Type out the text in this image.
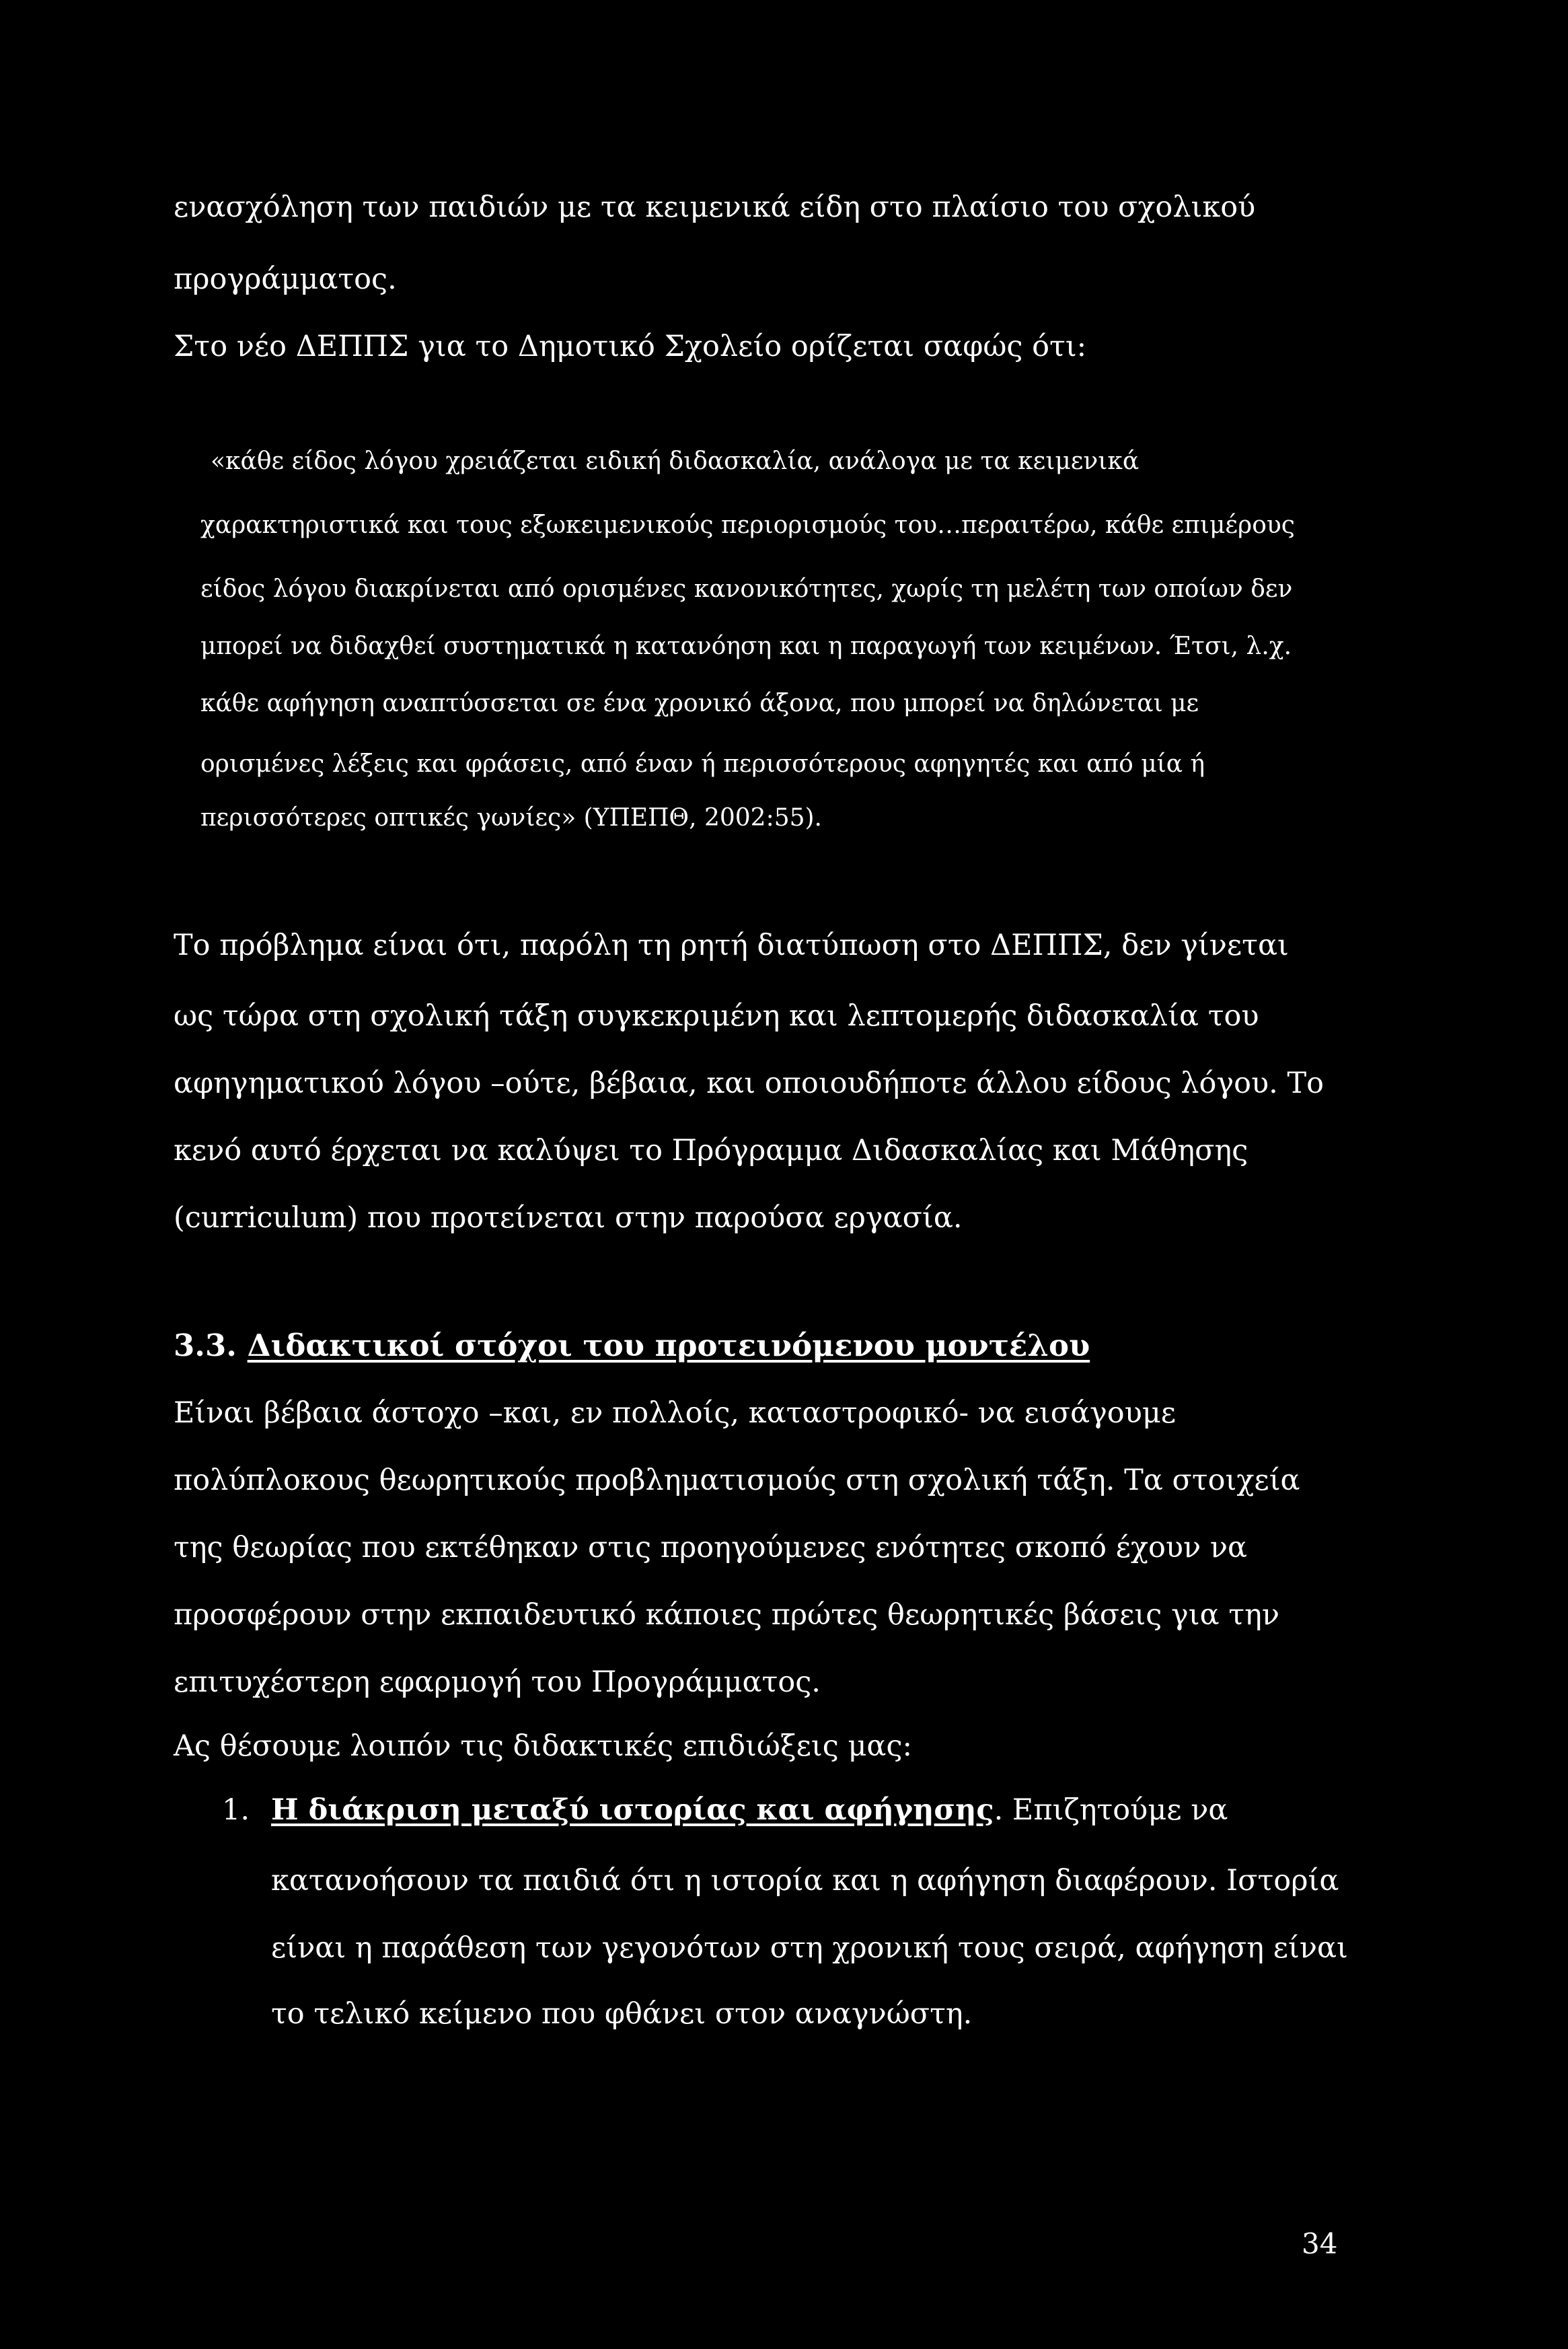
ενασχόληση των παιδιών με τα κειμενικά είδη στο πλαίσιο του σχολικού
προγράμματος.
Στο νέο ΔΕΠΠΣ για το Δημοτικό Σχολείο ορίζεται σαφώς ότι:
«κάθε είδος λόγου χρειάζεται ειδική διδασκαλία, ανάλογα με τα κειμενικά
χαρακτηριστικά και τους εξωκειμενικούς περιορισμούς του…περαιτέρω, κάθε επιμέρους
είδος λόγου διακρίνεται από ορισμένες κανονικότητες, χωρίς τη μελέτη των οποίων δεν
μπορεί να διδαχθεί συστηματικά η κατανόηση και η παραγωγή των κειμένων. Έτσι, λ.χ.
κάθε αφήγηση αναπτύσσεται σε ένα χρονικό άξονα, που μπορεί να δηλώνεται με
ορισμένες λέξεις και φράσεις, από έναν ή περισσότερους αφηγητές και από μία ή
περισσότερες οπτικές γωνίες» (ΥΠΕΠΘ, 2002:55).
Το πρόβλημα είναι ότι, παρόλη τη ρητή διατύπωση στο ΔΕΠΠΣ, δεν γίνεται
ως τώρα στη σχολική τάξη συγκεκριμένη και λεπτομερής διδασκαλία του
αφηγηματικού λόγου –ούτε, βέβαια, και οποιουδήποτε άλλου είδους λόγου. Το
κενό αυτό έρχεται να καλύψει το Πρόγραμμα Διδασκαλίας και Μάθησης
(curriculum) που προτείνεται στην παρούσα εργασία.
3.3. Διδακτικοί στόχοι του προτεινόμενου μοντέλου
Είναι βέβαια άστοχο –και, εν πολλοίς, καταστροφικό- να εισάγουμε
πολύπλοκους θεωρητικούς προβληματισμούς στη σχολική τάξη. Τα στοιχεία
της θεωρίας που εκτέθηκαν στις προηγούμενες ενότητες σκοπό έχουν να
προσφέρουν στην εκπαιδευτικό κάποιες πρώτες θεωρητικές βάσεις για την
επιτυχέστερη εφαρμογή του Προγράμματος.
Ας θέσουμε λοιπόν τις διδακτικές επιδιώξεις μας:
1. Η διάκριση μεταξύ ιστορίας και αφήγησης. Επιζητούμε να
κατανοήσουν τα παιδιά ότι η ιστορία και η αφήγηση διαφέρουν. Ιστορία
είναι η παράθεση των γεγονότων στη χρονική τους σειρά, αφήγηση είναι
το τελικό κείμενο που φθάνει στον αναγνώστη.
34
